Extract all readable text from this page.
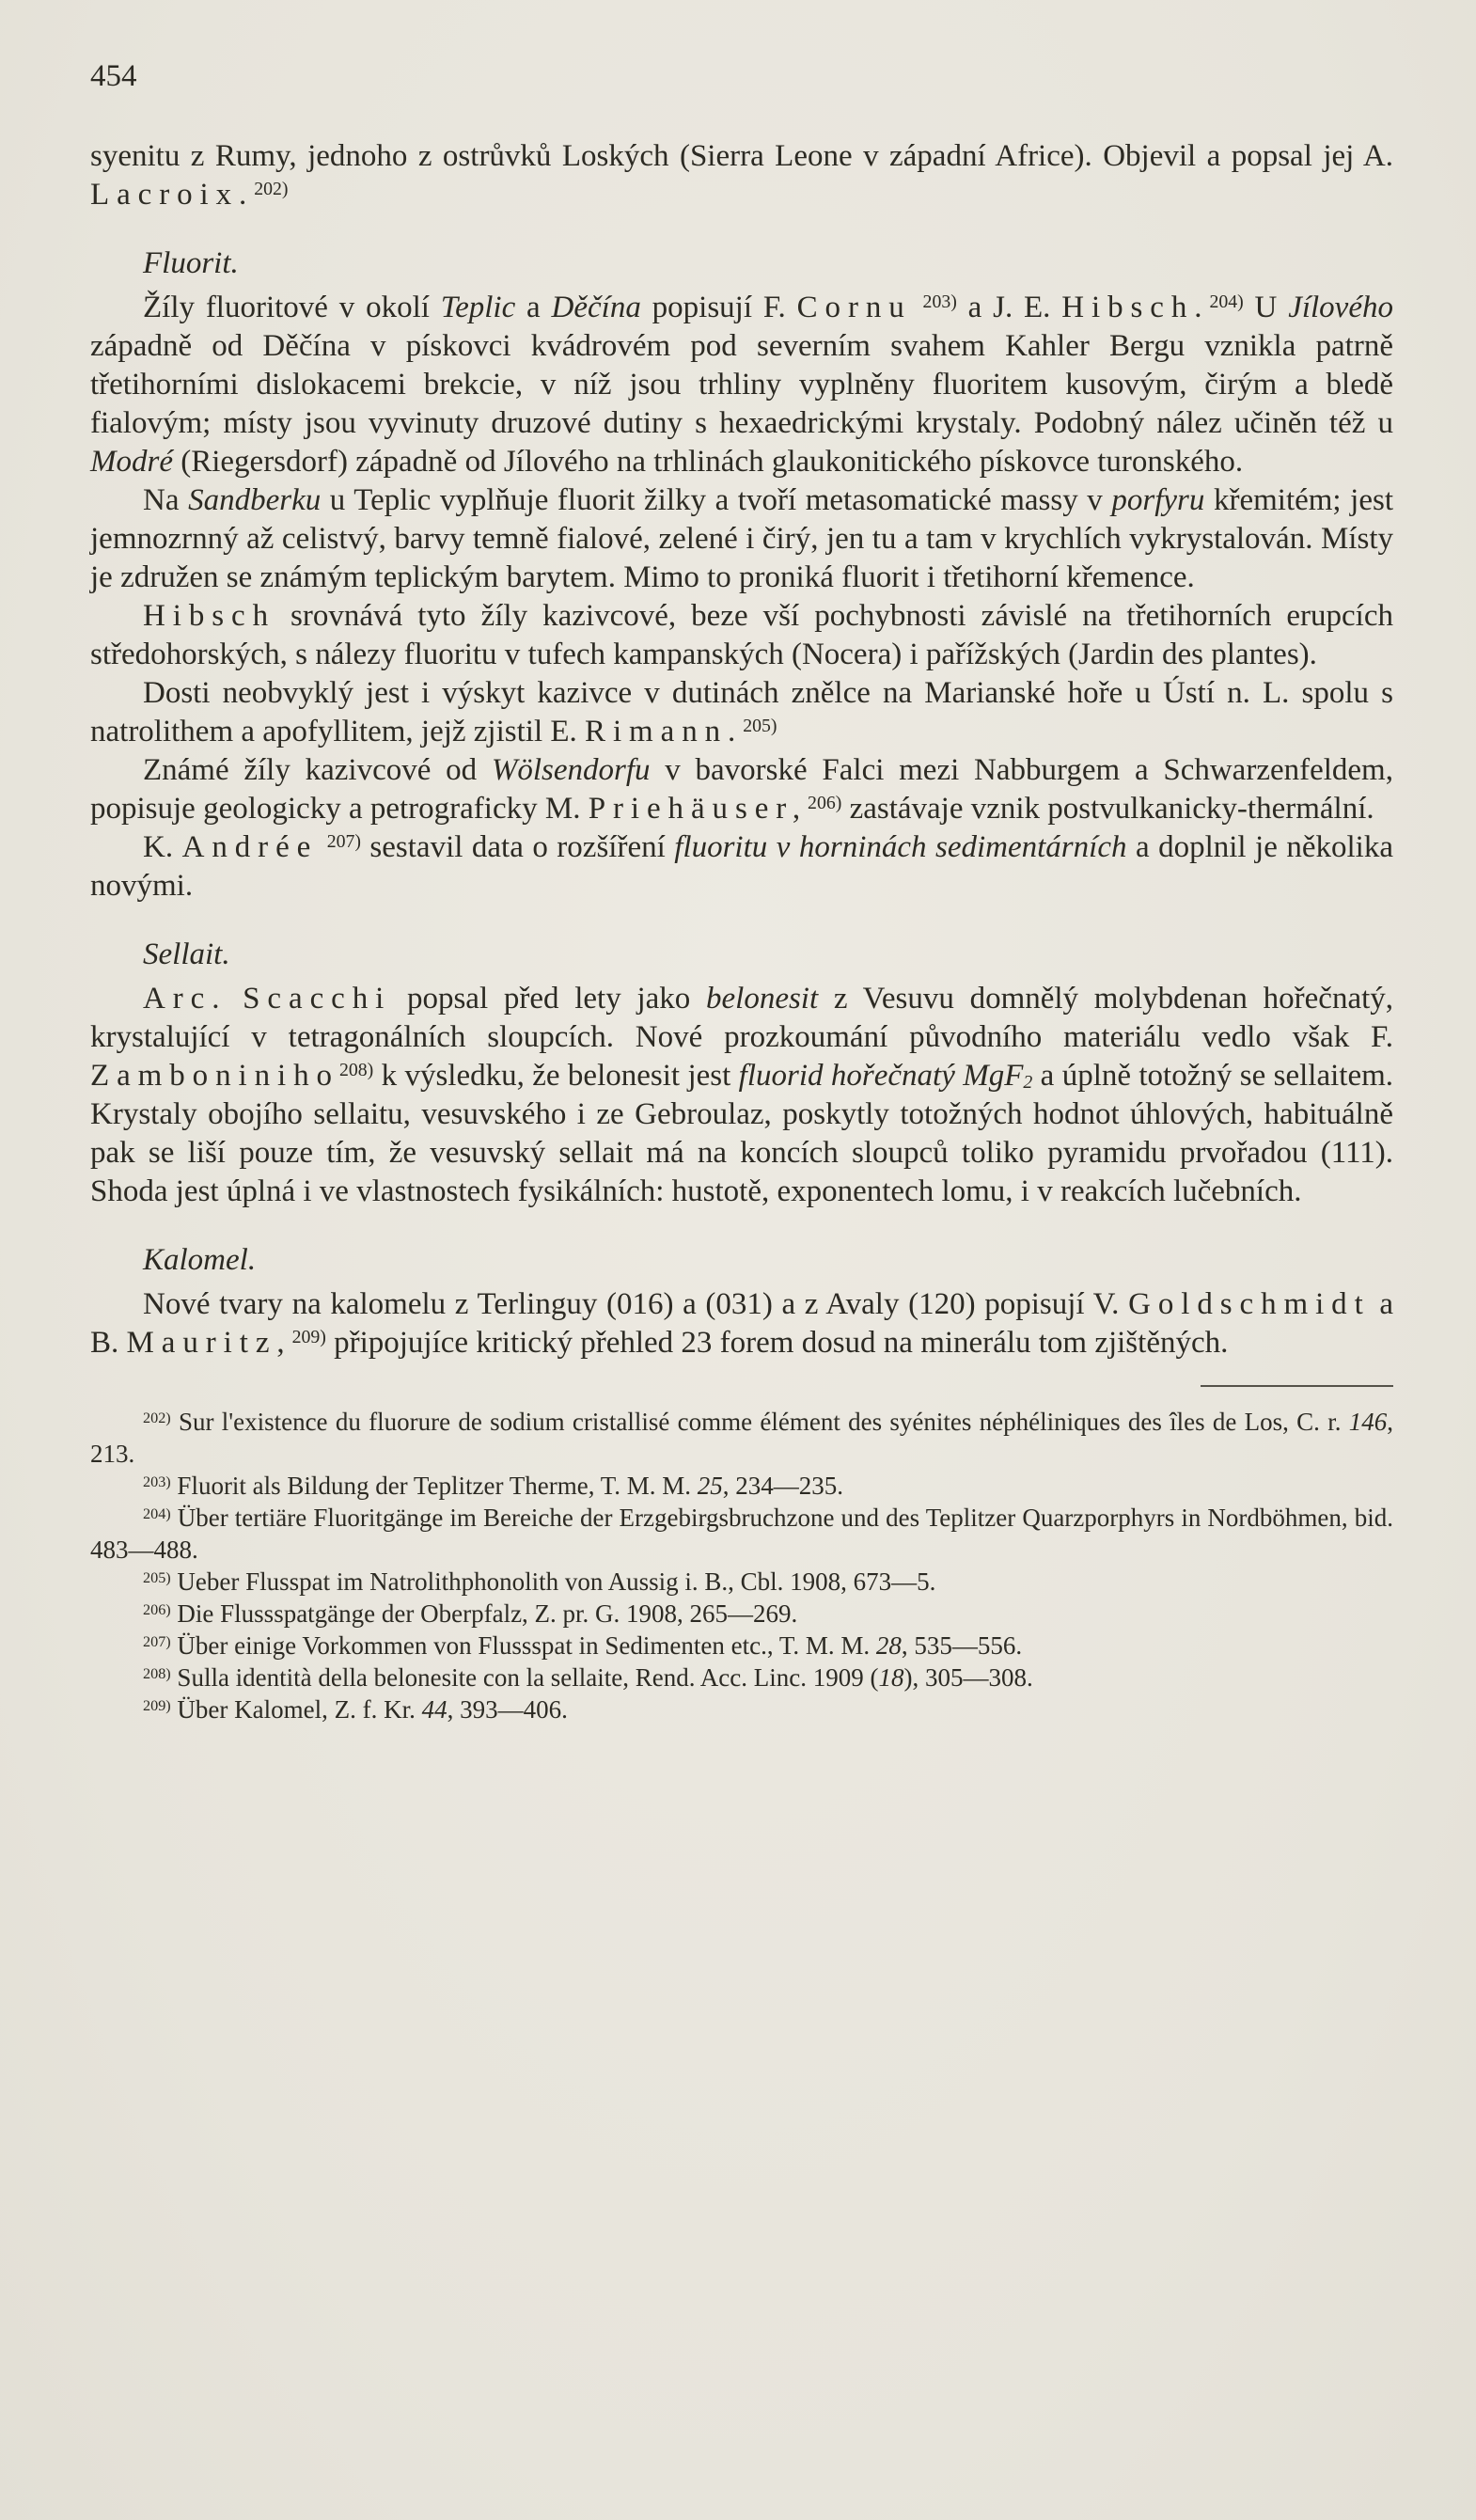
454

syenitu z Rumy, jednoho z ostrůvků Loských (Sierra Leone v západní Africe). Objevil a popsal jej A. Lacroix.$^{202)}$

Fluorit.

Žíly fluoritové v okolí Teplic a Děčína popisují F. Cornu $^{203)}$ a J. E. Hibsch.$^{204)}$ U Jílového západně od Děčína v pískovci kvádrovém pod severním svahem Kahler Bergu vznikla patrně třetihorními dislokacemi brekcie, v níž jsou trhliny vyplněny fluoritem kusovým, čirým a bledě fialovým; místy jsou vyvinuty druzové dutiny s hexaedrickými krystaly. Podobný nález učiněn též u Modré (Riegersdorf) západně od Jílového na trhlinách glaukonitického pískovce turonského.

Na Sandberku u Teplic vyplňuje fluorit žilky a tvoří metasomatické massy v porfyru křemitém; jest jemnozrnný až celistvý, barvy temně fialové, zelené i čirý, jen tu a tam v krychlích vykrystalován. Místy je združen se známým teplickým barytem. Mimo to proniká fluorit i třetihorní křemence.

Hibsch srovnává tyto žíly kazivcové, beze vší pochybnosti závislé na třetihorních erupcích středohorských, s nálezy fluoritu v tufech kampanských (Nocera) i pařížských (Jardin des plantes).

Dosti neobvyklý jest i výskyt kazivce v dutinách znělce na Marianské hoře u Ústí n. L. spolu s natrolithem a apofyllitem, jejž zjistil E. Rimann.$^{205)}$

Známé žíly kazivcové od Wölsendorfu v bavorské Falci mezi Nabburgem a Schwarzenfeldem, popisuje geologicky a petrograficky M. Priehäuser,$^{206)}$ zastávaje vznik postvulkanicky-thermální.

K. Andrée $^{207)}$ sestavil data o rozšíření fluoritu v horninách sedimentárních a doplnil je několika novými.

Sellait.

Arc. Scacchi popsal před lety jako belonesit z Vesuvu domnělý molybdenan hořečnatý, krystalující v tetragonálních sloupcích. Nové prozkoumání původního materiálu vedlo však F. Zamboniniho$^{208)}$ k výsledku, že belonesit jest fluorid hořečnatý MgF$_2$ a úplně totožný se sellaitem. Krystaly obojího sellaitu, vesuvského i ze Gebroulaz, poskytly totožných hodnot úhlových, habituálně pak se liší pouze tím, že vesuvský sellait má na koncích sloupců toliko pyramidu prvořadou (111). Shoda jest úplná i ve vlastnostech fysikálních: hustotě, exponentech lomu, i v reakcích lučebních.

Kalomel.

Nové tvary na kalomelu z Terlinguy (016) a (031) a z Avaly (120) popisují V. Goldschmidt a B. Mauritz,$^{209)}$ připojujíce kritický přehled 23 forem dosud na minerálu tom zjištěných.

$^{202)}$ Sur l'existence du fluorure de sodium cristallisé comme élément des syénites néphéliniques des îles de Los, C. r. 146, 213.

$^{203)}$ Fluorit als Bildung der Teplitzer Therme, T. M. M. 25, 234—235.

$^{204)}$ Über tertiäre Fluoritgänge im Bereiche der Erzgebirgsbruchzone und des Teplitzer Quarzporphyrs in Nordböhmen, bid. 483—488.

$^{205)}$ Ueber Flusspat im Natrolithphonolith von Aussig i. B., Cbl. 1908, 673—5.

$^{206)}$ Die Flussspatgänge der Oberpfalz, Z. pr. G. 1908, 265—269.

$^{207)}$ Über einige Vorkommen von Flussspat in Sedimenten etc., T. M. M. 28, 535—556.

$^{208)}$ Sulla identità della belonesite con la sellaite, Rend. Acc. Linc. 1909 (18), 305—308.

$^{209)}$ Über Kalomel, Z. f. Kr. 44, 393—406.
